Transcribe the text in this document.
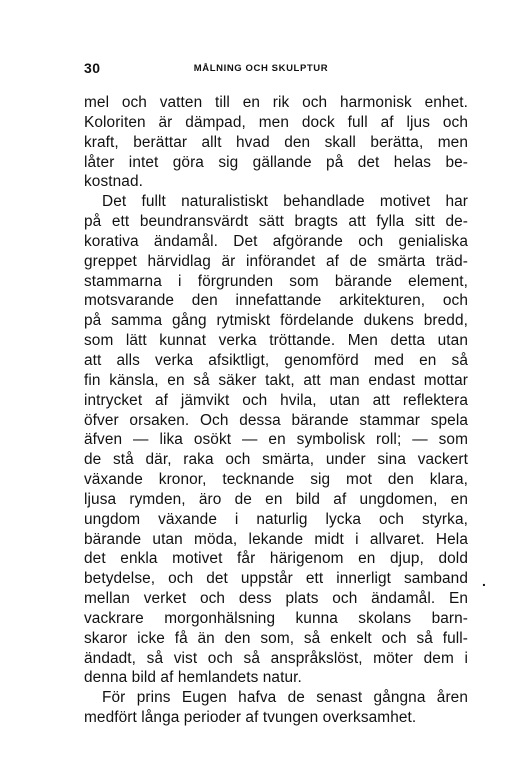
30	MÅLNING OCH SKULPTUR
mel och vatten till en rik och harmonisk enhet.
Koloriten är dämpad, men dock full af ljus och
kraft, berättar allt hvad den skall berätta, men
låter intet göra sig gällande på det helas be-
kostnad.
Det fullt naturalistiskt behandlade motivet har
på ett beundransvärdt sätt bragts att fylla sitt de-
korativa ändamål. Det afgörande och genialiska
greppet härvidlag är införandet af de smärta träd-
stammarna i förgrunden som bärande element,
motsvarande den innefattande arkitekturen, och
på samma gång rytmiskt fördelande dukens bredd,
som lätt kunnat verka tröttande. Men detta utan
att alls verka afsiktligt, genomförd med en så
fin känsla, en så säker takt, att man endast mottar
intrycket af jämvikt och hvila, utan att reflektera
öfver orsaken. Och dessa bärande stammar spela
äfven — lika osökt — en symbolisk roll; — som
de stå där, raka och smärta, under sina vackert
växande kronor, tecknande sig mot den klara,
ljusa rymden, äro de en bild af ungdomen, en
ungdom växande i naturlig lycka och styrka,
bärande utan möda, lekande midt i allvaret. Hela
det enkla motivet får härigenom en djup, dold
betydelse, och det uppstår ett innerligt samband
mellan verket och dess plats och ändamål. En
vackrare morgonhälsning kunna skolans barn-
skaror icke få än den som, så enkelt och så full-
ändadt, så vist och så anspråkslöst, möter dem i
denna bild af hemlandets natur.
För prins Eugen hafva de senast gångna åren
medfört långa perioder af tvungen overksamhet.
.
